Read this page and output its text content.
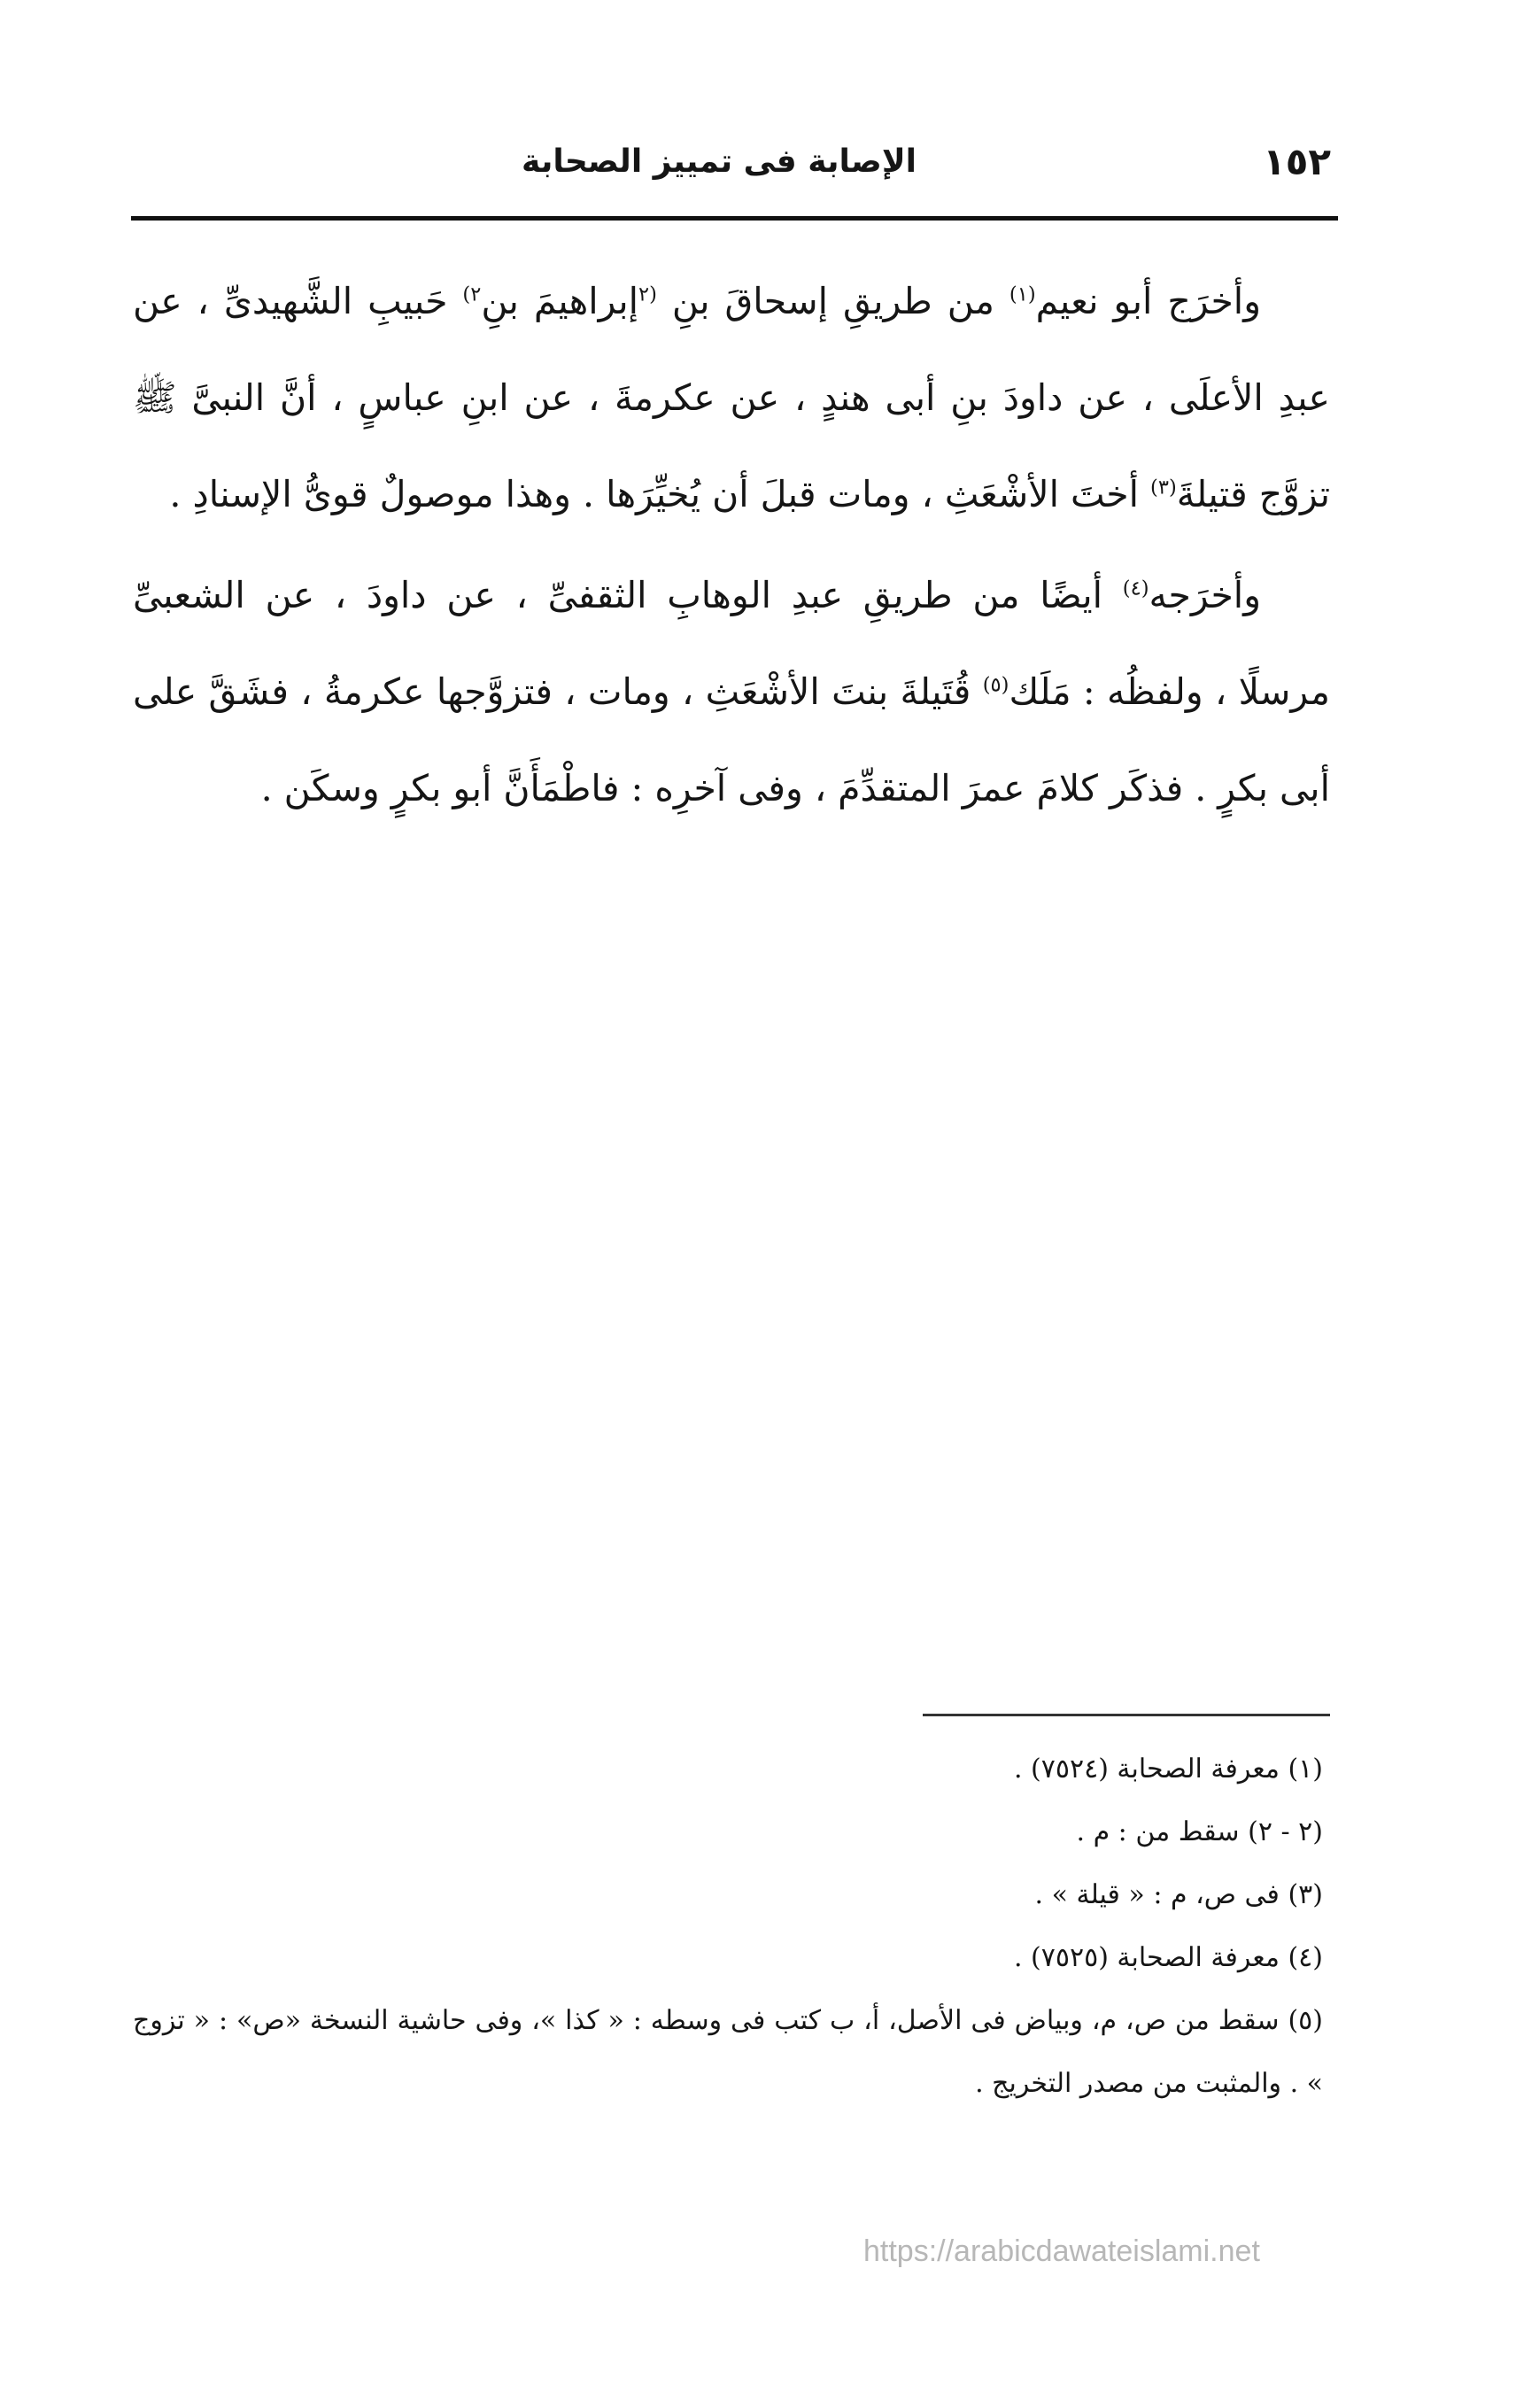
١٥٢
الإصابة فى تمييز الصحابة

وأخرَج أبو نعيم$^{(١)}$ من طريقِ إسحاقَ بنِ $^{(٢}$إبراهيمَ بنِ$^{٢)}$ حَبيبِ الشَّهيدىِّ ، عن عبدِ الأعلَى ، عن داودَ بنِ أبى هندٍ ، عن عكرمةَ ، عن ابنِ عباسٍ ، أنَّ النبىَّ ﷺ تزوَّج قتيلةَ$^{(٣)}$ أختَ الأشْعَثِ ، ومات قبلَ أن يُخيِّرَها . وهذا موصولٌ قوىُّ الإسنادِ .

وأخرَجه$^{(٤)}$ أيضًا من طريقِ عبدِ الوهابِ الثقفىِّ ، عن داودَ ، عن الشعبىِّ مرسلًا ، ولفظُه : مَلَك$^{(٥)}$ قُتَيلةَ بنتَ الأشْعَثِ ، ومات ، فتزوَّجها عكرمةُ ، فشَقَّ على أبى بكرٍ . فذكَر كلامَ عمرَ المتقدِّمَ ، وفى آخرِه : فاطْمَأَنَّ أبو بكرٍ وسكَن .

(١) معرفة الصحابة (٧٥٢٤) .

(٢ - ٢) سقط من : م .

(٣) فى ص، م : « قيلة » .

(٤) معرفة الصحابة (٧٥٢٥) .

(٥) سقط من ص، م، وبياض فى الأصل، أ، ب كتب فى وسطه : « كذا »، وفى حاشية النسخة «ص» : « تزوج » . والمثبت من مصدر التخريج .

https://arabicdawateislami.net
